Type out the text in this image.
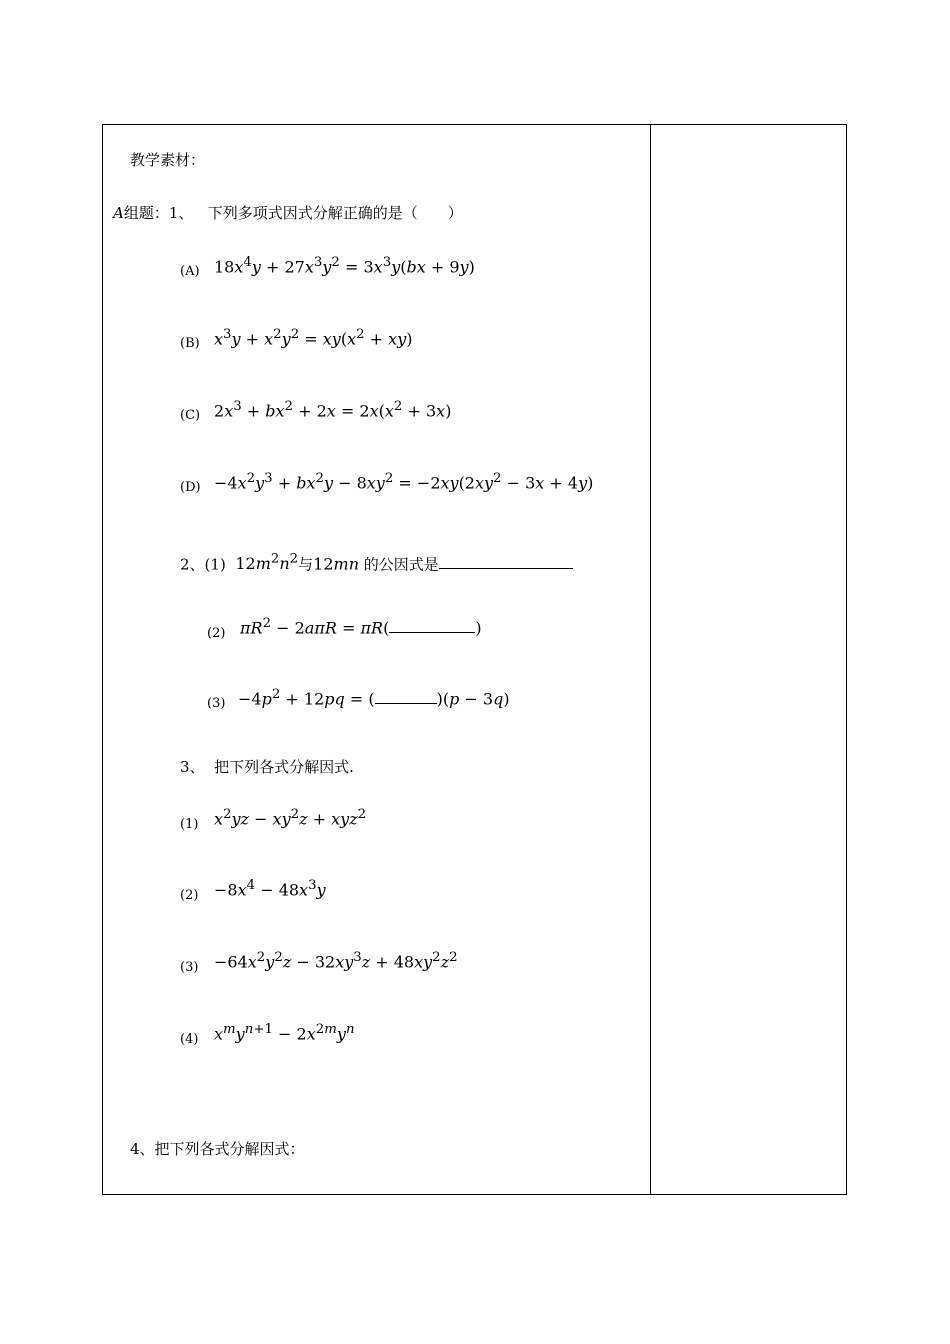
教学素材：
A组题：1、 下列多项式因式分解正确的是（　　）
(A) $18x^4y + 27x^3y^2 = 3x^3y(bx + 9y)$
(B) $x^3y + x^2y^2 = xy(x^2 + xy)$
(C) $2x^3 + bx^2 + 2x = 2x(x^2 + 3x)$
$(D) -4x^2y^3 + bx^2y - 8xy^2 = -2xy(2xy^2 - 3x + 4y)$
2、(1) $12m^2n^2$与12mn 的公因式是
(2) $\pi R^2 - 2a\pi R = \pi R$(	)
$(3) -4p^2 + 12pq$ = (	)(p − 3q)
3、 把下列各式分解因式.
(1) $x^2yz - xy^2z + xyz^2$
$(2) -8x^4 - 48x^3y$
$(3) -64x^2y^2z - 32xy^3z + 48xy^2z^2$
(4) $x^my^{n+1} - 2x^{2m}y^n$
4、把下列各式分解因式：
